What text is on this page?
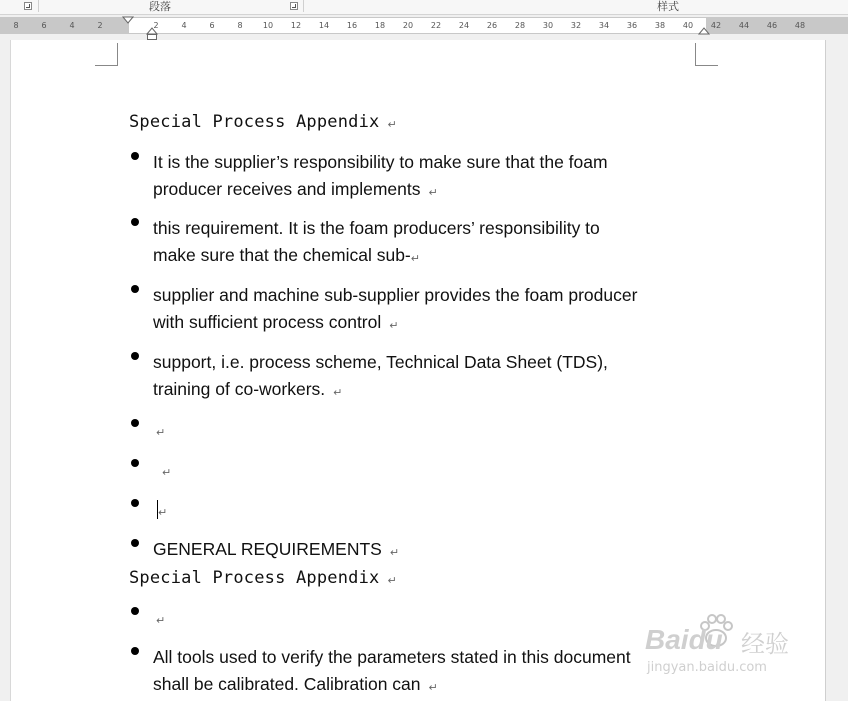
段落	样式
8	6	4	2	2	4	6	8	10 12 14 16 18 20 22 24 26 28 30 32 34 36 38 40 42 44 46 48
Special Process Appendix ↵
It is the supplier’s responsibility to make sure that the foam
producer receives and implements ↵
this requirement. It is the foam producers’ responsibility to
make sure that the chemical sub-↵
supplier and machine sub-supplier provides the foam producer
with sufficient process control ↵
support, i.e. process scheme, Technical Data Sheet (TDS),
training of co-workers. ↵
↵
↵
↵
GENERAL REQUIREMENTS ↵
Special Process Appendix ↵
↵
All tools used to verify the parameters stated in this document
shall be calibrated. Calibration can ↵
Baidu 经验
jingyan.baidu.com
